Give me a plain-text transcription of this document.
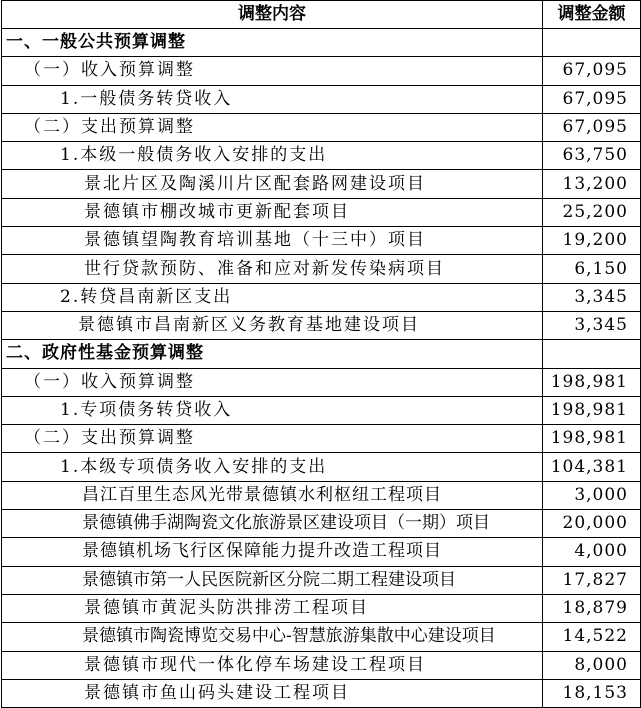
调整内容	调整金额
一、一般公共预算调整	
（一）收入预算调整	67,095
1.一般债务转贷收入	67,095
（二）支出预算调整	67,095
1.本级一般债务收入安排的支出	63,750
景北片区及陶溪川片区配套路网建设项目	13,200
景德镇市棚改城市更新配套项目	25,200
景德镇望陶教育培训基地（十三中）项目	19,200
世行贷款预防、准备和应对新发传染病项目	6,150
2.转贷昌南新区支出	3,345
景德镇市昌南新区义务教育基地建设项目	3,345
二、政府性基金预算调整	
（一）收入预算调整	198,981
1.专项债务转贷收入	198,981
（二）支出预算调整	198,981
1.本级专项债务收入安排的支出	104,381
昌江百里生态风光带景德镇水利枢纽工程项目	3,000
景德镇佛手湖陶瓷文化旅游景区建设项目（一期）项目	20,000
景德镇机场飞行区保障能力提升改造工程项目	4,000
景德镇市第一人民医院新区分院二期工程建设项目	17,827
景德镇市黄泥头防洪排涝工程项目	18,879
景德镇市陶瓷博览交易中心-智慧旅游集散中心建设项目	14,522
景德镇市现代一体化停车场建设工程项目	8,000
景德镇市鱼山码头建设工程项目	18,153
